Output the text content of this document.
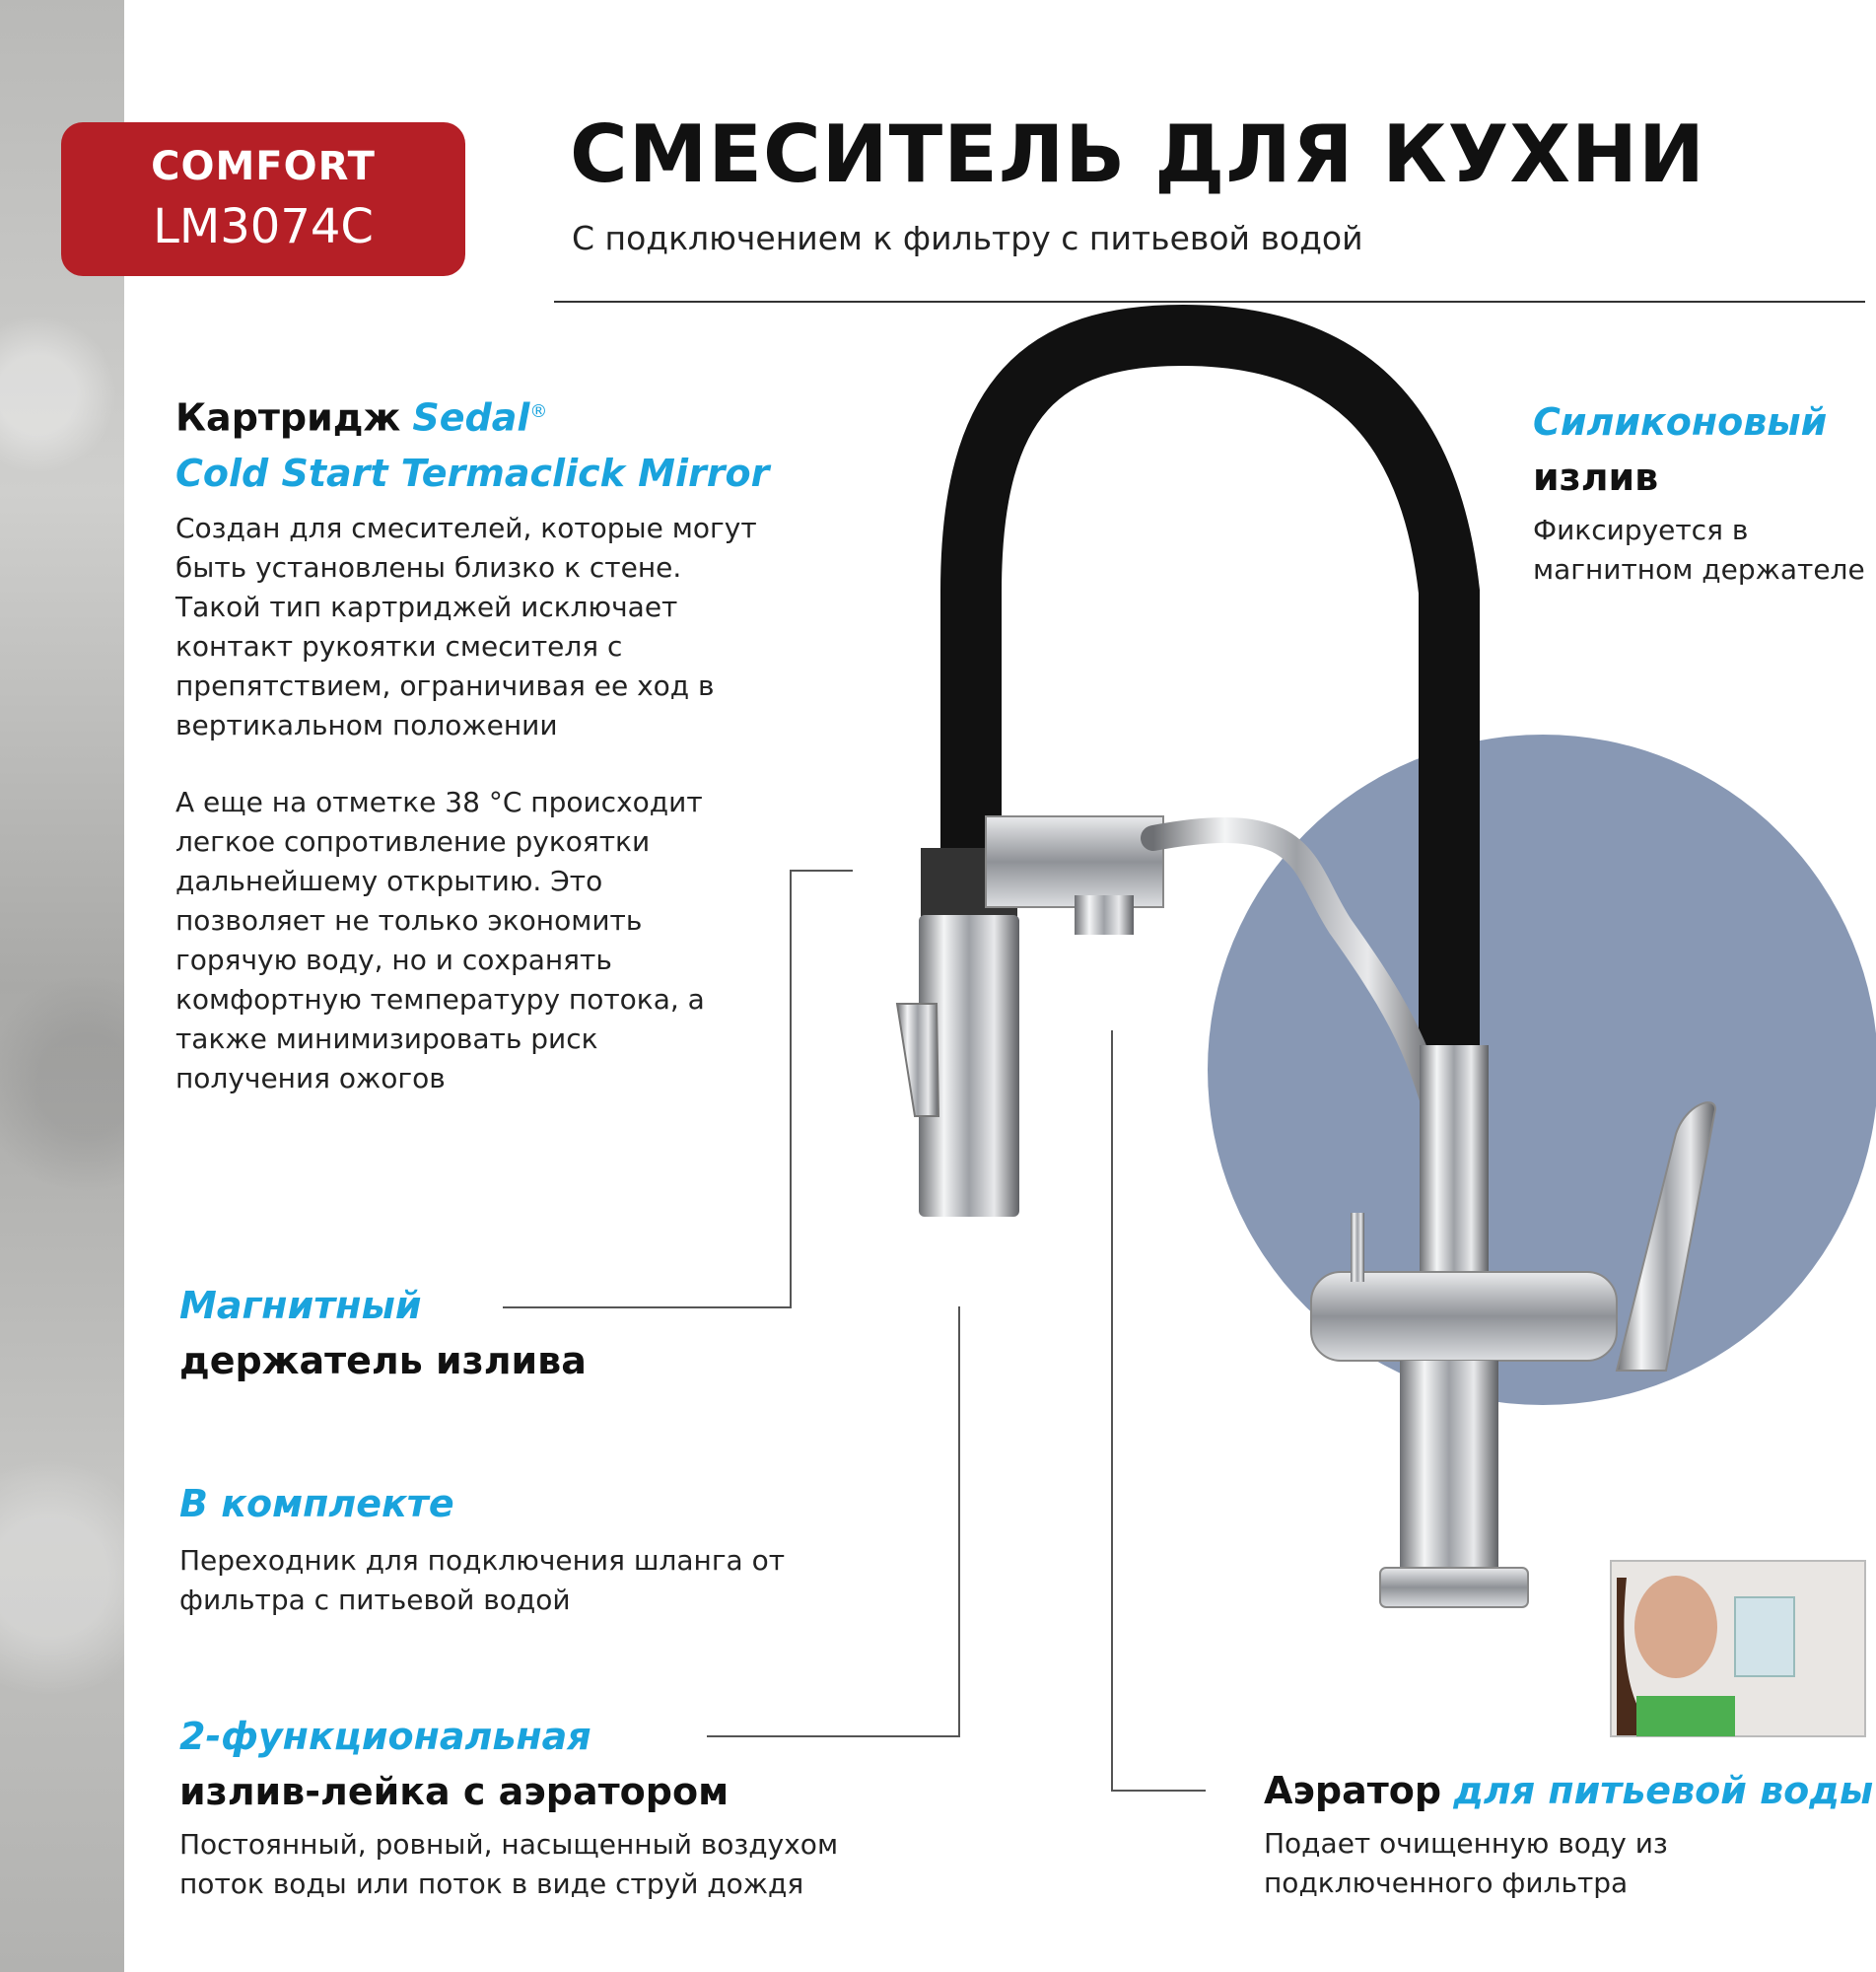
COMFORT
LM3074C
СМЕСИТЕЛЬ ДЛЯ КУХНИ
С подключением к фильтру с питьевой водой
Картридж Sedal®
Cold Start Termaclick Mirror
Создан для смесителей, которые могут
быть установлены близко к стене.
Такой тип картриджей исключает
контакт рукоятки смесителя с
препятствием, ограничивая ее ход в
вертикальном положении
А еще на отметке 38 °С происходит
легкое сопротивление рукоятки
дальнейшему открытию. Это
позволяет не только экономить
горячую воду, но и сохранять
комфортную температуру потока, а
также минимизировать риск
получения ожогов
Силиконовый
излив
Фиксируется в
магнитном держателе
Магнитный
держатель излива
В комплекте
Переходник для подключения шланга от
фильтра с питьевой водой
2-функциональная
излив-лейка с аэратором
Постоянный, ровный, насыщенный воздухом
поток воды или поток в виде струй дождя
Аэратор для питьевой воды
Подает очищенную воду из
подключенного фильтра
